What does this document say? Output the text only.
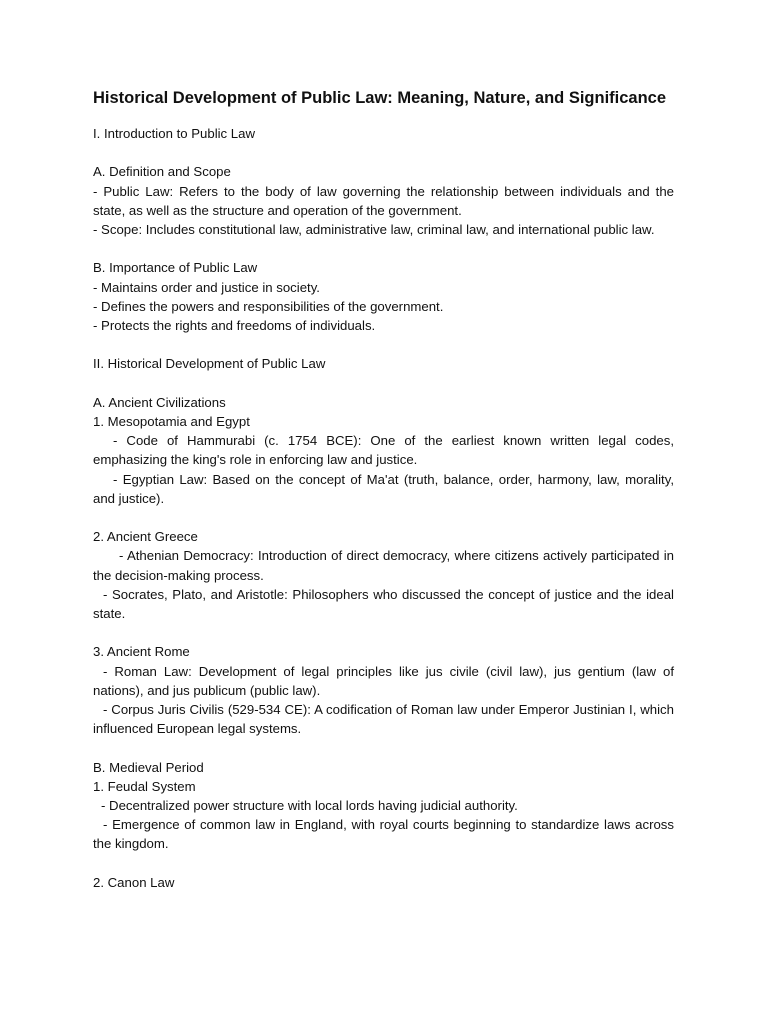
Historical Development of Public Law: Meaning, Nature, and Significance

I. Introduction to Public Law

A. Definition and Scope

- Public Law: Refers to the body of law governing the relationship between individuals and the state, as well as the structure and operation of the government.

- Scope: Includes constitutional law, administrative law, criminal law, and international public law.

B. Importance of Public Law

- Maintains order and justice in society.

- Defines the powers and responsibilities of the government.

- Protects the rights and freedoms of individuals.

II. Historical Development of Public Law

A. Ancient Civilizations

1. Mesopotamia and Egypt

- Code of Hammurabi (c. 1754 BCE): One of the earliest known written legal codes, emphasizing the king's role in enforcing law and justice.

- Egyptian Law: Based on the concept of Ma'at (truth, balance, order, harmony, law, morality, and justice).

2. Ancient Greece

- Athenian Democracy: Introduction of direct democracy, where citizens actively participated in the decision-making process.

- Socrates, Plato, and Aristotle: Philosophers who discussed the concept of justice and the ideal state.

3. Ancient Rome

- Roman Law: Development of legal principles like jus civile (civil law), jus gentium (law of nations), and jus publicum (public law).

- Corpus Juris Civilis (529-534 CE): A codification of Roman law under Emperor Justinian I, which influenced European legal systems.

B. Medieval Period

1. Feudal System

- Decentralized power structure with local lords having judicial authority.

- Emergence of common law in England, with royal courts beginning to standardize laws across the kingdom.

2. Canon Law
